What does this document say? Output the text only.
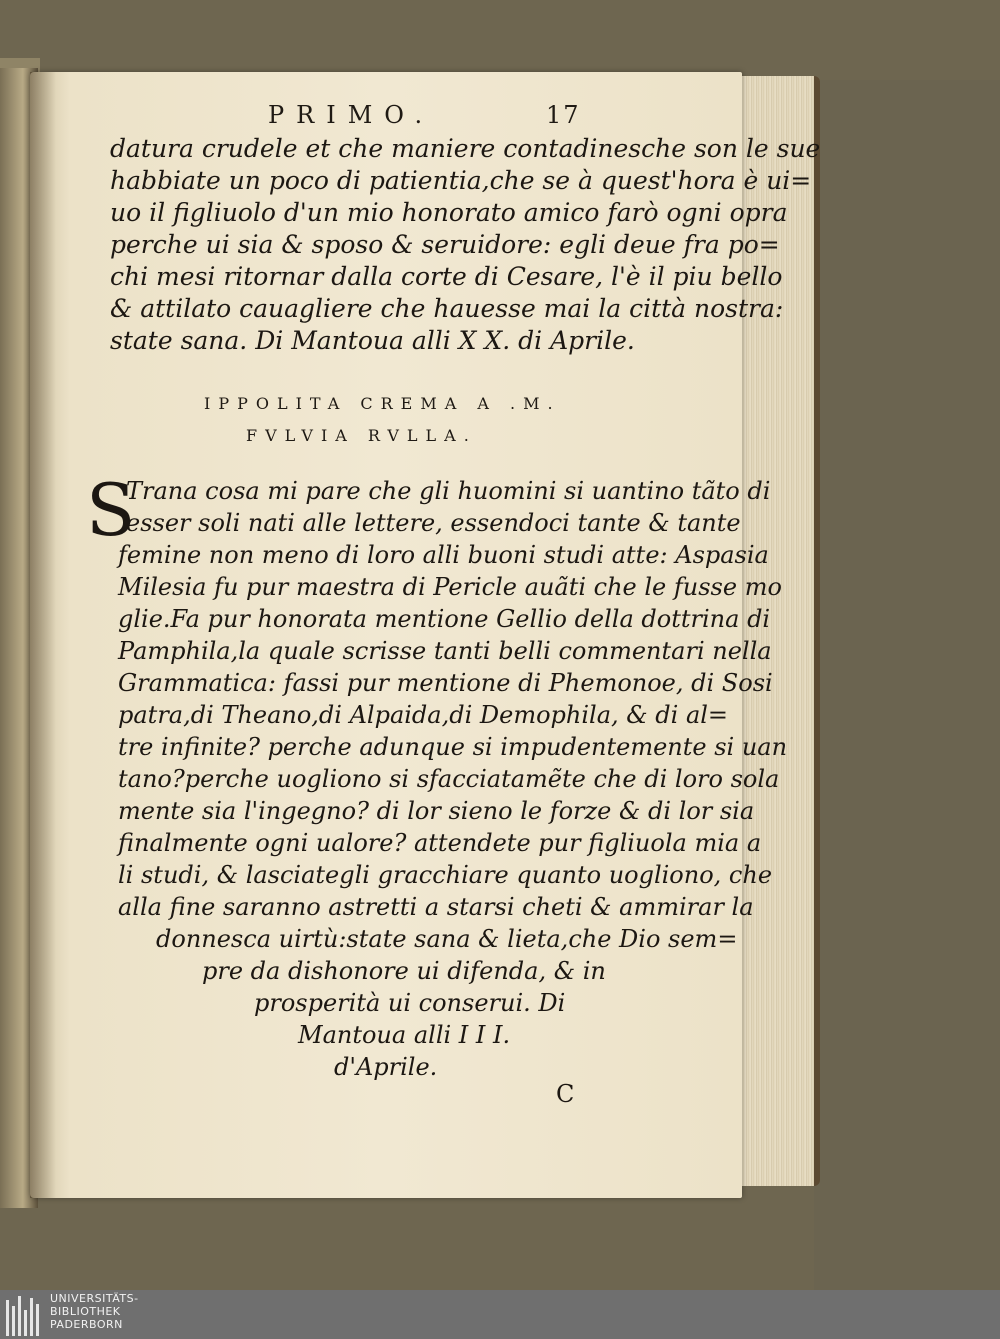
PRIMO.	17
datura crudele et che maniere contadinesche son le sue
habbiate un poco di patientia,che se à quest'hora è ui=
uo il figliuolo d'un mio honorato amico farò ogni opra
perche ui sia & sposo & seruidore: egli deue fra po=
chi mesi ritornar dalla corte di Cesare, l'è il piu bello
& attilato cauagliere che hauesse mai la città nostra:
state sana. Di Mantoua alli X X. di Aprile.
IPPOLITA CREMA A .M.
FVLVIA RVLLA.
S
Trana cosa mi pare che gli huomini si uantino tãto di
esser soli nati alle lettere, essendoci tante & tante
femine non meno di loro alli buoni studi atte: Aspasia
Milesia fu pur maestra di Pericle auãti che le fusse mo
glie.Fa pur honorata mentione Gellio della dottrina di
Pamphila,la quale scrisse tanti belli commentari nella
Grammatica: fassi pur mentione di Phemonoe, di Sosi
patra,di Theano,di Alpaida,di Demophila, & di al=
tre infinite? perche adunque si impudentemente si uan
tano?perche uogliono si sfacciatamẽte che di loro sola
mente sia l'ingegno? di lor sieno le forze & di lor sia
finalmente ogni ualore? attendete pur figliuola mia a
li studi, & lasciategli gracchiare quanto uogliono, che
alla fine saranno astretti a starsi cheti & ammirar la
donnesca uirtù:state sana & lieta,che Dio sem=
pre da dishonore ui difenda, & in
prosperità ui conserui. Di
Mantoua alli I I I.
d'Aprile.
C
UNIVERSITÄTS-
BIBLIOTHEK
PADERBORN
